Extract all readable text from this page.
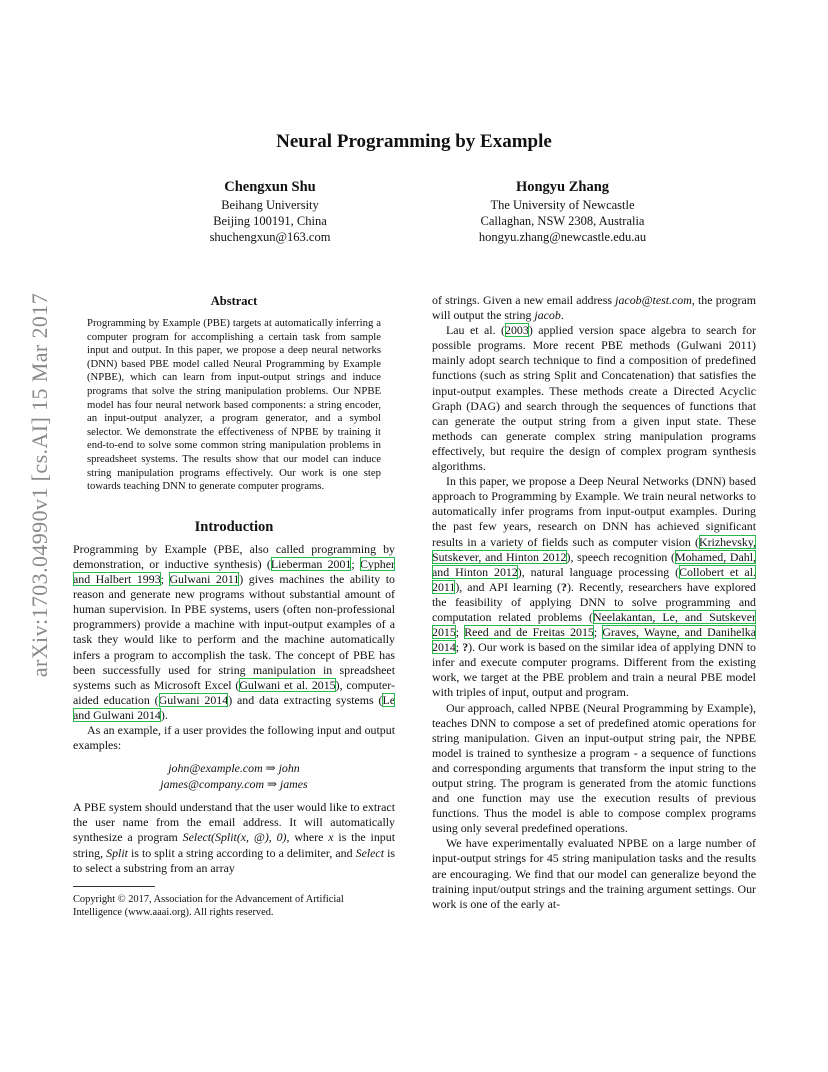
arXiv:1703.04990v1 [cs.AI] 15 Mar 2017
Neural Programming by Example
Chengxun Shu
Beihang University
Beijing 100191, China
shuchengxun@163.com
Hongyu Zhang
The University of Newcastle
Callaghan, NSW 2308, Australia
hongyu.zhang@newcastle.edu.au
Abstract
Programming by Example (PBE) targets at automatically inferring a computer program for accomplishing a certain task from sample input and output. In this paper, we propose a deep neural networks (DNN) based PBE model called Neural Programming by Example (NPBE), which can learn from input-output strings and induce programs that solve the string manipulation problems. Our NPBE model has four neural network based components: a string encoder, an input-output analyzer, a program generator, and a symbol selector. We demonstrate the effectiveness of NPBE by training it end-to-end to solve some common string manipulation problems in spreadsheet systems. The results show that our model can induce string manipulation programs effectively. Our work is one step towards teaching DNN to generate computer programs.
Introduction

Programming by Example (PBE, also called programming by demonstration, or inductive synthesis) (Lieberman 2001; Cypher and Halbert 1993; Gulwani 2011) gives machines the ability to reason and generate new programs without substantial amount of human supervision. In PBE systems, users (often non-professional programmers) provide a machine with input-output examples of a task they would like to perform and the machine automatically infers a program to accomplish the task. The concept of PBE has been successfully used for string manipulation in spreadsheet systems such as Microsoft Excel (Gulwani et al. 2015), computer-aided education (Gulwani 2014) and data extracting systems (Le and Gulwani 2014).

As an example, if a user provides the following input and output examples:

john@example.com ⇒ john
james@company.com ⇒ james

A PBE system should understand that the user would like to extract the user name from the email address. It will automatically synthesize a program Select(Split(x, @), 0), where x is the input string, Split is to split a string according to a delimiter, and Select is to select a substring from an array

Copyright © 2017, Association for the Advancement of Artificial Intelligence (www.aaai.org). All rights reserved.

of strings. Given a new email address jacob@test.com, the program will output the string jacob.

Lau et al. (2003) applied version space algebra to search for possible programs. More recent PBE methods (Gulwani 2011) mainly adopt search technique to find a composition of predefined functions (such as string Split and Concatenation) that satisfies the input-output examples. These methods create a Directed Acyclic Graph (DAG) and search through the sequences of functions that can generate the output string from a given input state. These methods can generate complex string manipulation programs effectively, but require the design of complex program synthesis algorithms.

In this paper, we propose a Deep Neural Networks (DNN) based approach to Programming by Example. We train neural networks to automatically infer programs from input-output examples. During the past few years, research on DNN has achieved significant results in a variety of fields such as computer vision (Krizhevsky, Sutskever, and Hinton 2012), speech recognition (Mohamed, Dahl, and Hinton 2012), natural language processing (Collobert et al. 2011), and API learning (?). Recently, researchers have explored the feasibility of applying DNN to solve programming and computation related problems (Neelakantan, Le, and Sutskever 2015; Reed and de Freitas 2015; Graves, Wayne, and Danihelka 2014; ?). Our work is based on the similar idea of applying DNN to infer and execute computer programs. Different from the existing work, we target at the PBE problem and train a neural PBE model with triples of input, output and program.

Our approach, called NPBE (Neural Programming by Example), teaches DNN to compose a set of predefined atomic operations for string manipulation. Given an input-output string pair, the NPBE model is trained to synthesize a program - a sequence of functions and corresponding arguments that transform the input string to the output string. The program is generated from the atomic functions and one function may use the execution results of previous functions. Thus the model is able to compose complex programs using only several predefined operations.

We have experimentally evaluated NPBE on a large number of input-output strings for 45 string manipulation tasks and the results are encouraging. We find that our model can generalize beyond the training input/output strings and the training argument settings. Our work is one of the early at-
